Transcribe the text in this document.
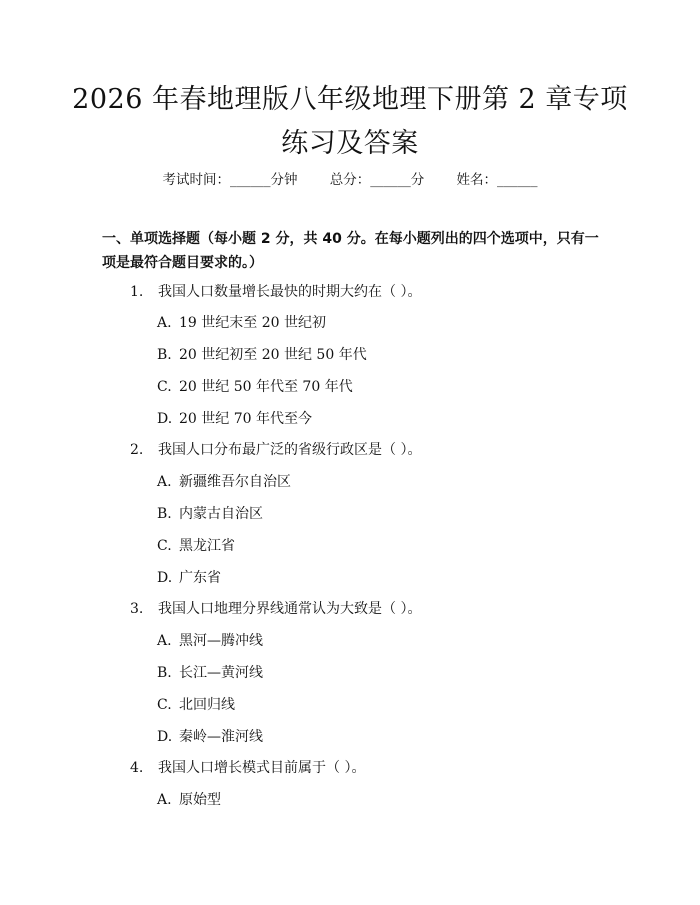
2026 年春地理版八年级地理下册第 2 章专项
练习及答案
考试时间：______分钟 总分：______分 姓名：______
一、单项选择题（每小题 2 分，共 40 分。在每小题列出的四个选项中，只有一项是最符合题目要求的。）
1. 我国人口数量增长最快的时期大约在（ ）。
A. 19 世纪末至 20 世纪初
B. 20 世纪初至 20 世纪 50 年代
C. 20 世纪 50 年代至 70 年代
D. 20 世纪 70 年代至今
2. 我国人口分布最广泛的省级行政区是（ ）。
A. 新疆维吾尔自治区
B. 内蒙古自治区
C. 黑龙江省
D. 广东省
3. 我国人口地理分界线通常认为大致是（ ）。
A. 黑河—腾冲线
B. 长江—黄河线
C. 北回归线
D. 秦岭—淮河线
4. 我国人口增长模式目前属于（ ）。
A. 原始型
